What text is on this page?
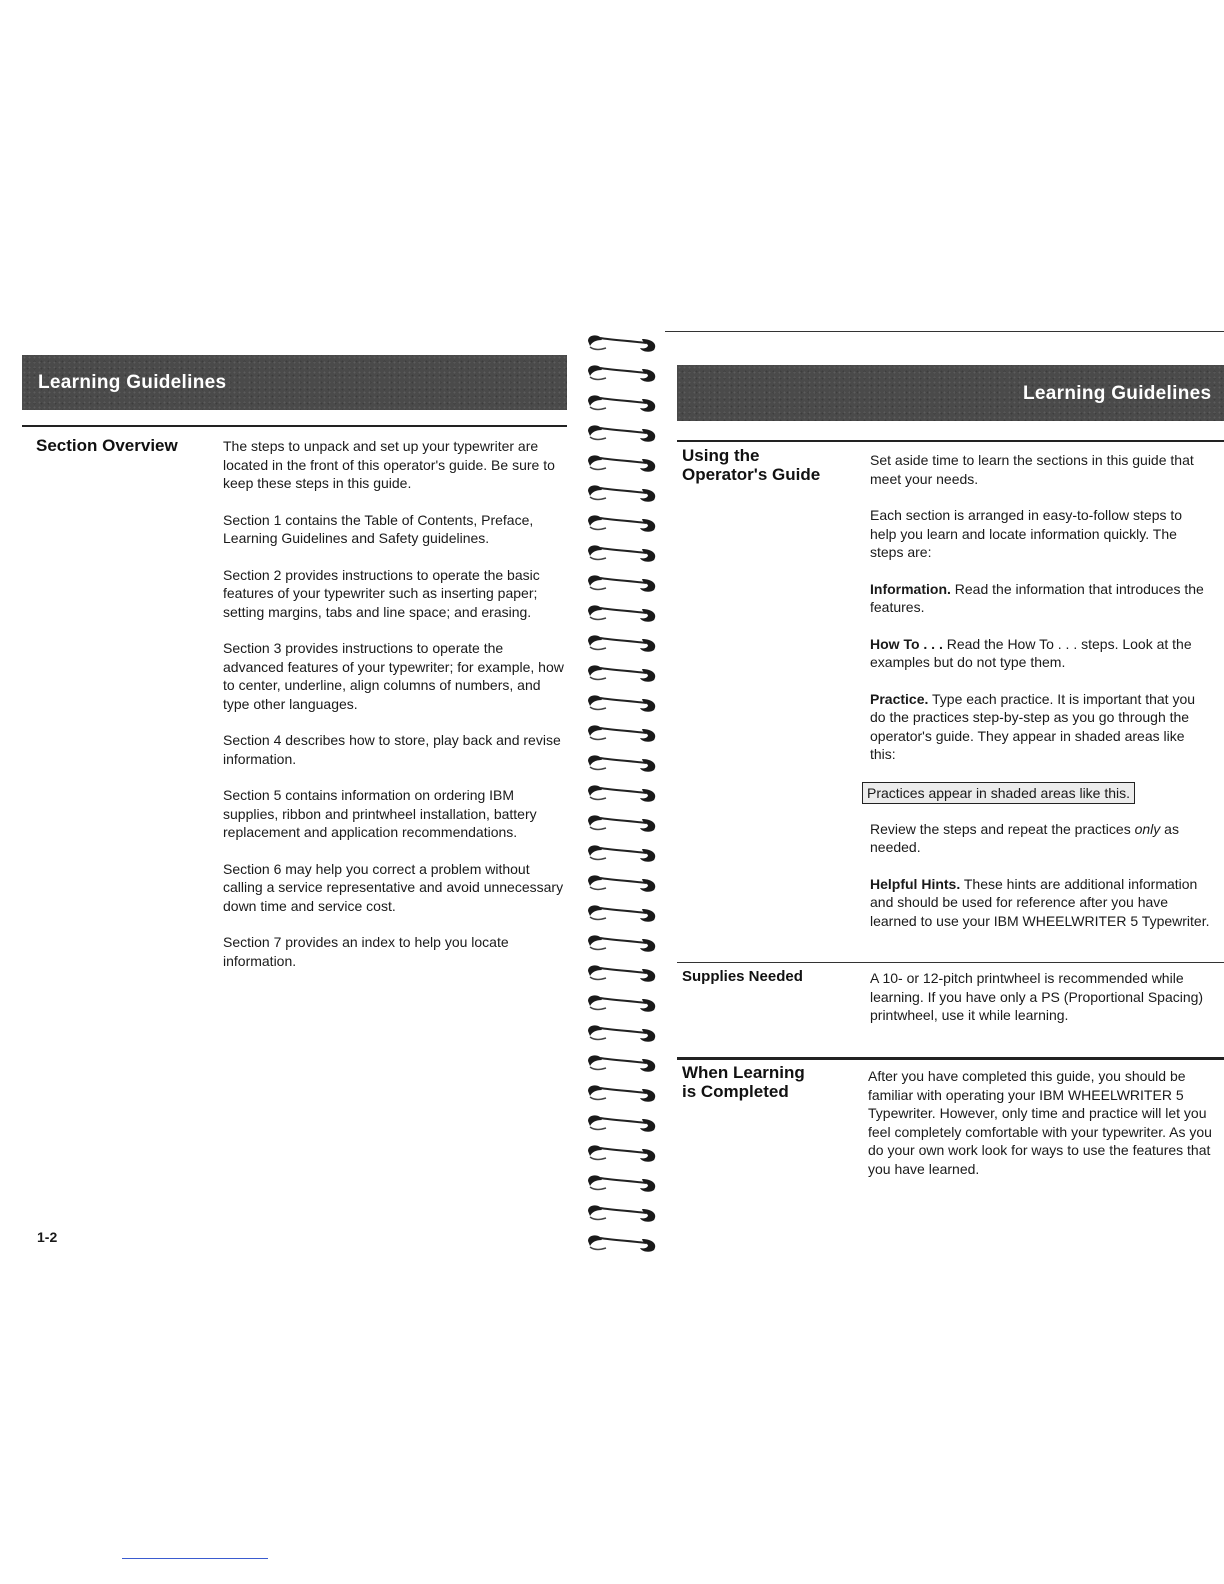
Learning Guidelines
Section Overview	The steps to unpack and set up your typewriter are located in the front of this operator's guide. Be sure to keep these steps in this guide.

Section 1 contains the Table of Contents, Preface, Learning Guidelines and Safety guidelines.

Section 2 provides instructions to operate the basic features of your typewriter such as inserting paper; setting margins, tabs and line space; and erasing.

Section 3 provides instructions to operate the advanced features of your typewriter; for example, how to center, underline, align columns of numbers, and type other languages.

Section 4 describes how to store, play back and revise information.

Section 5 contains information on ordering IBM supplies, ribbon and printwheel installation, battery replacement and application recommendations.

Section 6 may help you correct a problem without calling a service representative and avoid unnecessary down time and service cost.

Section 7 provides an index to help you locate information.

1-2
Learning Guidelines
Using the
Operator's Guide

Set aside time to learn the sections in this guide that meet your needs.

Each section is arranged in easy-to-follow steps to help you learn and locate information quickly. The steps are:

Information. Read the information that introduces the features.

How To . . . Read the How To . . . steps. Look at the examples but do not type them.

Practice. Type each practice. It is important that you do the practices step-by-step as you go through the operator's guide. They appear in shaded areas like this:

Practices appear in shaded areas like this.

Review the steps and repeat the practices only as needed.

Helpful Hints. These hints are additional information and should be used for reference after you have learned to use your IBM WHEELWRITER 5 Typewriter.

Supplies Needed	A 10- or 12-pitch printwheel is recommended while learning. If you have only a PS (Proportional Spacing) printwheel, use it while learning.

When Learning
is Completed

After you have completed this guide, you should be familiar with operating your IBM WHEELWRITER 5 Typewriter. However, only time and practice will let you feel completely comfortable with your typewriter. As you do your own work look for ways to use the features that you have learned.
